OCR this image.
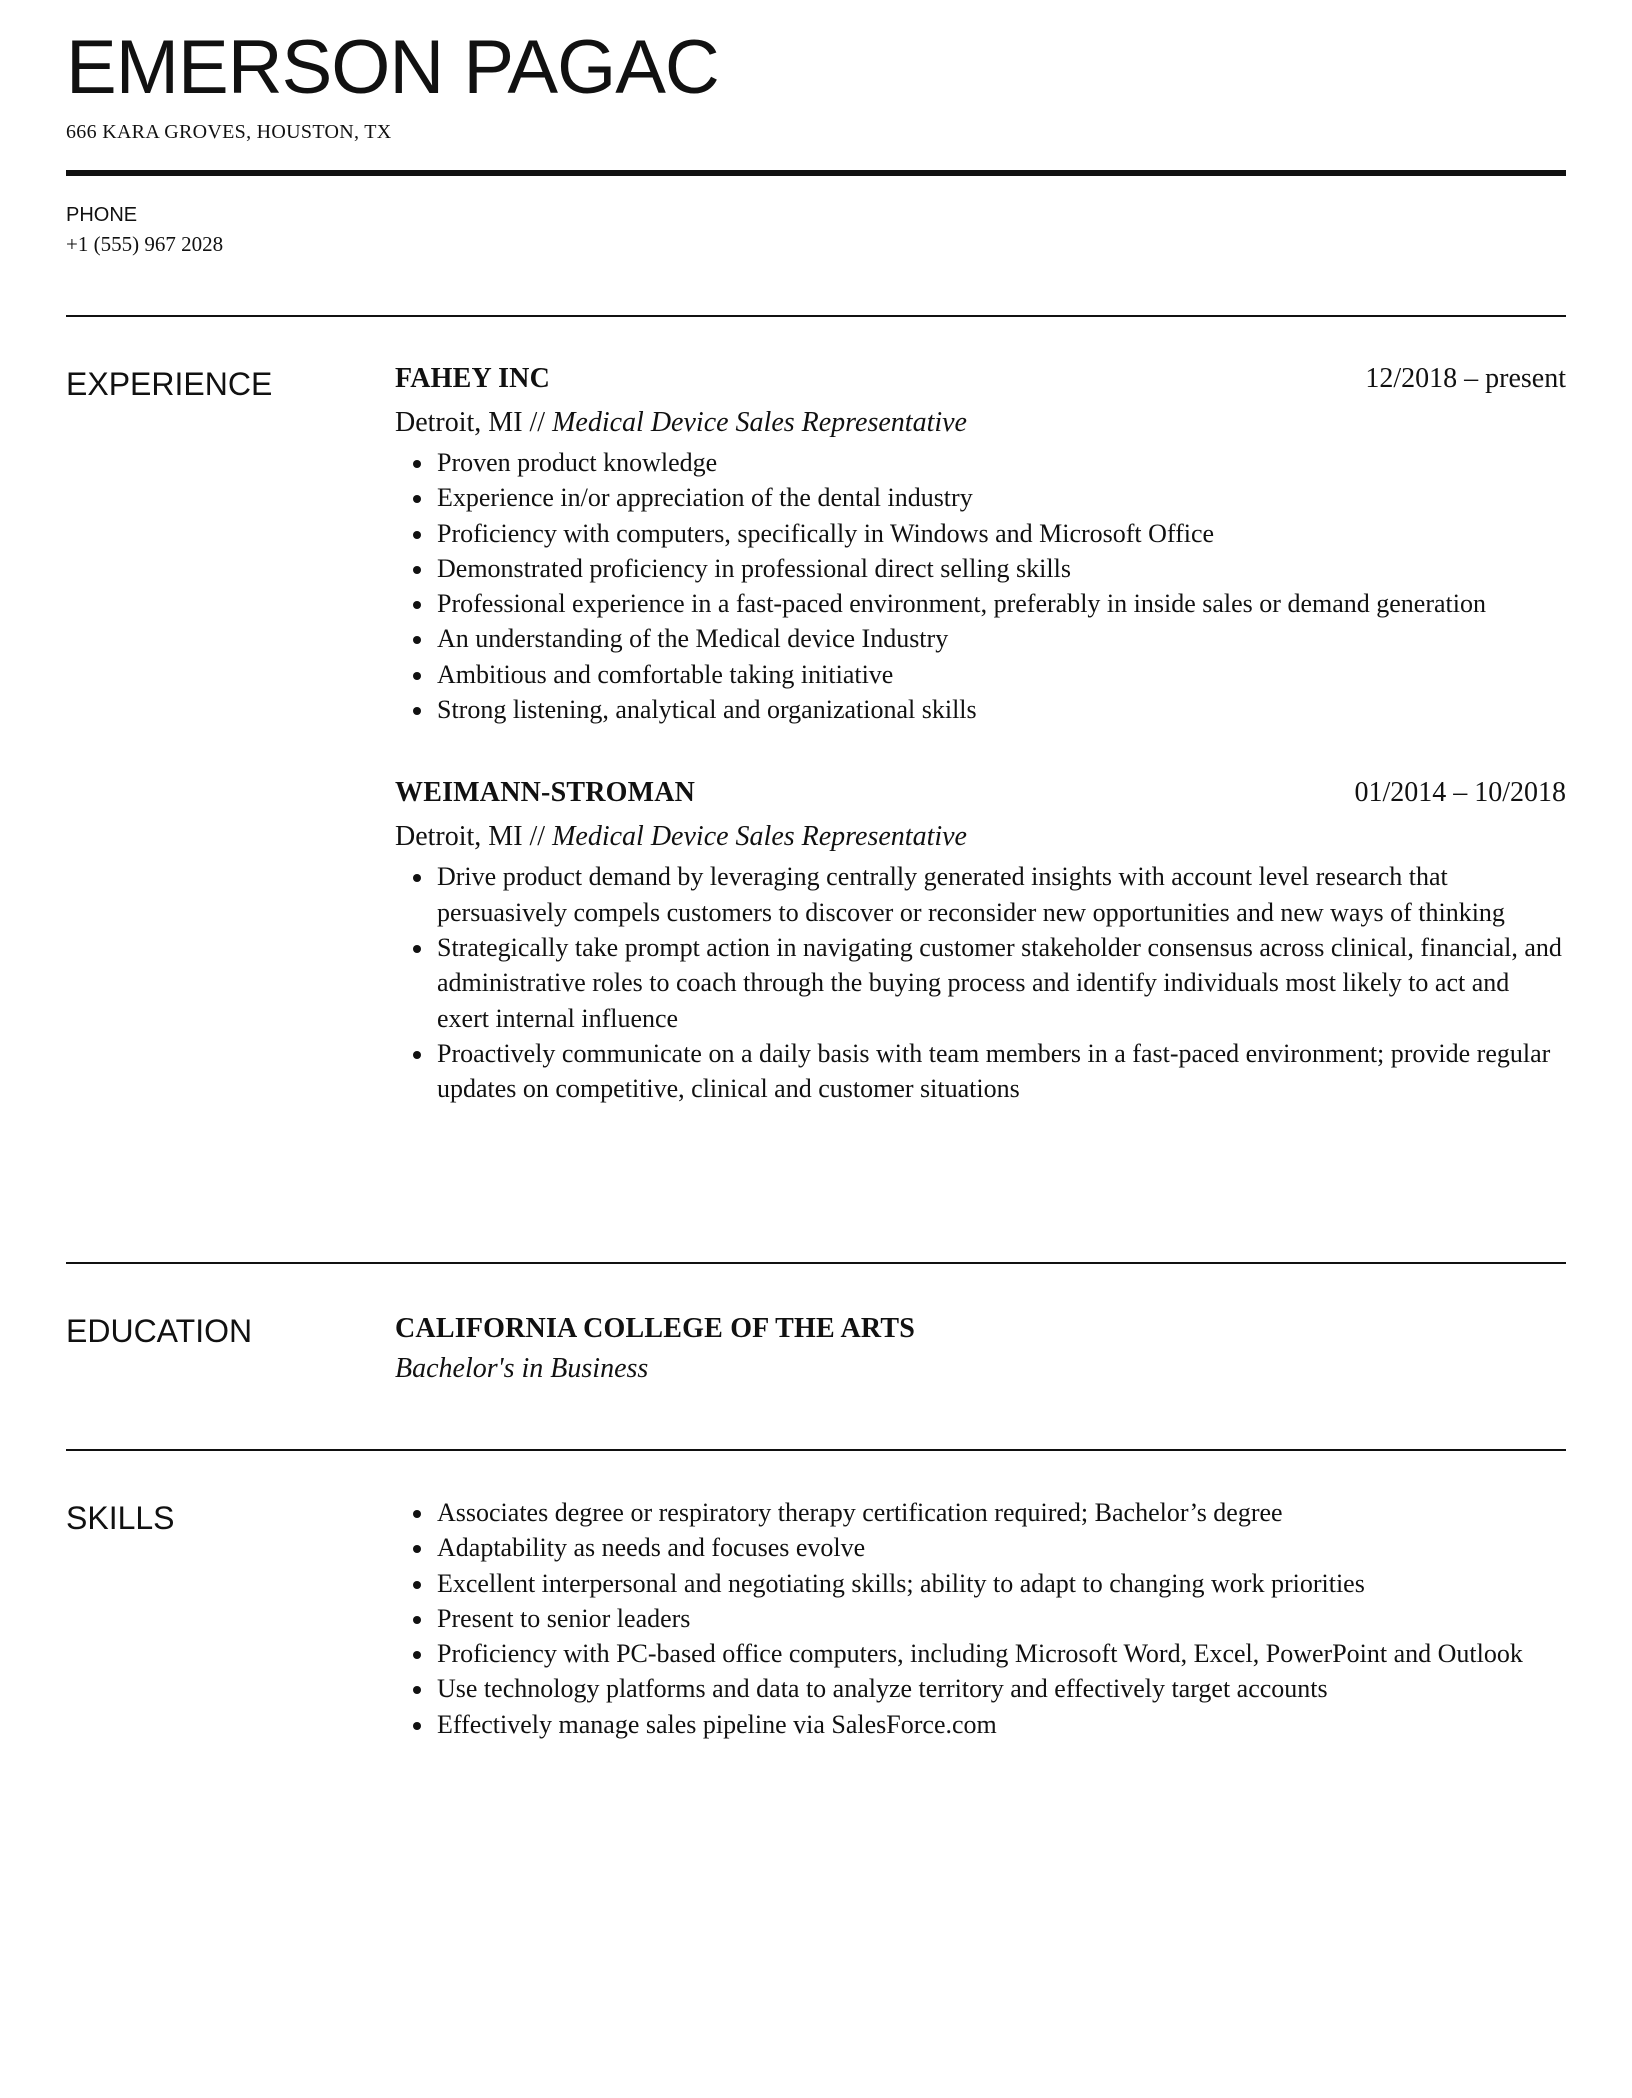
EMERSON PAGAC
666 KARA GROVES, HOUSTON, TX
PHONE
+1 (555) 967 2028
EXPERIENCE	FAHEY INC	12/2018 – present
Detroit, MI // Medical Device Sales Representative
Proven product knowledge
Experience in/or appreciation of the dental industry
Proficiency with computers, specifically in Windows and Microsoft Office
Demonstrated proficiency in professional direct selling skills
Professional experience in a fast-paced environment, preferably in inside sales or demand generation
An understanding of the Medical device Industry
Ambitious and comfortable taking initiative
Strong listening, analytical and organizational skills
WEIMANN-STROMAN	01/2014 – 10/2018
Detroit, MI // Medical Device Sales Representative
Drive product demand by leveraging centrally generated insights with account level research that persuasively compels customers to discover or reconsider new opportunities and new ways of thinking
Strategically take prompt action in navigating customer stakeholder consensus across clinical, financial, and administrative roles to coach through the buying process and identify individuals most likely to act and exert internal influence
Proactively communicate on a daily basis with team members in a fast-paced environment; provide regular updates on competitive, clinical and customer situations
EDUCATION	CALIFORNIA COLLEGE OF THE ARTS
Bachelor's in Business
SKILLS	Associates degree or respiratory therapy certification required; Bachelor’s degree
Adaptability as needs and focuses evolve
Excellent interpersonal and negotiating skills; ability to adapt to changing work priorities
Present to senior leaders
Proficiency with PC-based office computers, including Microsoft Word, Excel, PowerPoint and Outlook
Use technology platforms and data to analyze territory and effectively target accounts
Effectively manage sales pipeline via SalesForce.com
